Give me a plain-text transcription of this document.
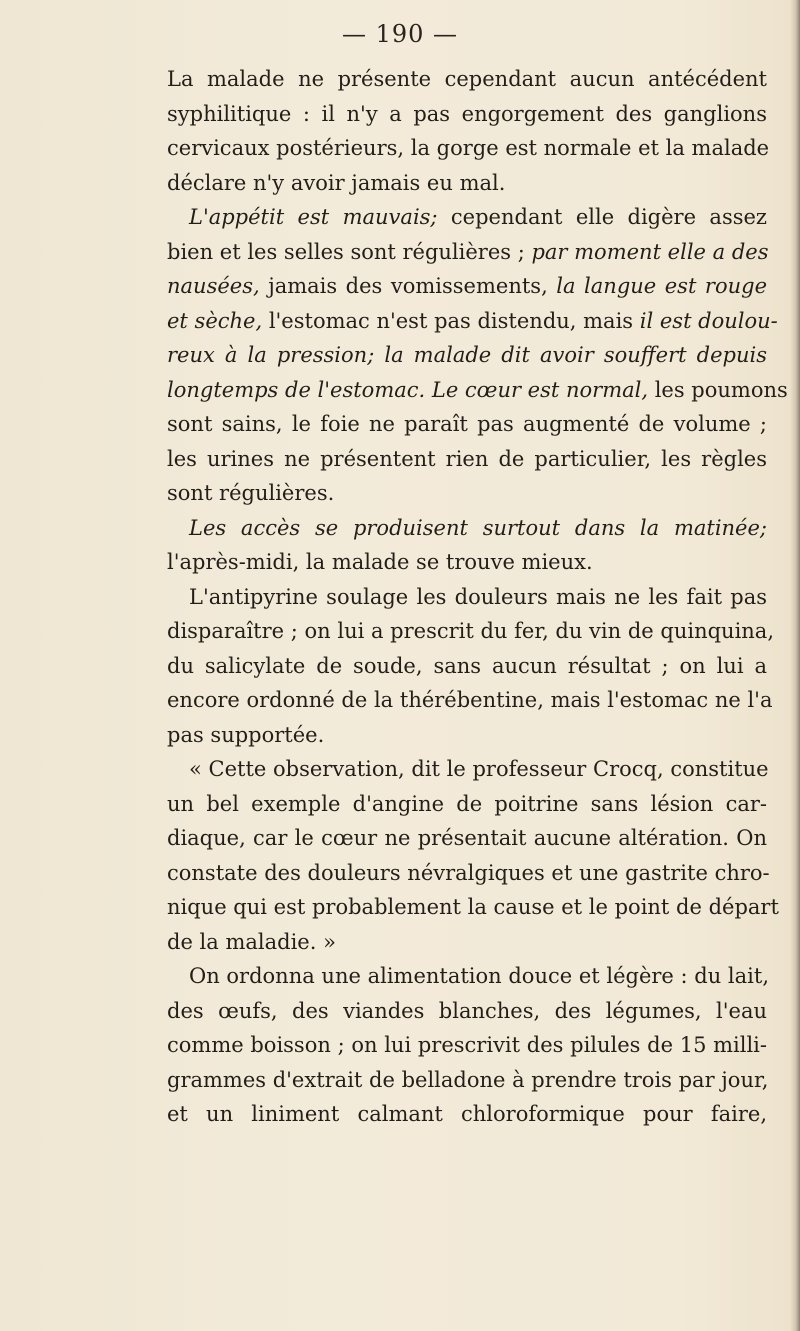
— 190 —
La malade ne présente cependant aucun antécédent
syphilitique : il n'y a pas engorgement des ganglions
cervicaux postérieurs, la gorge est normale et la malade
déclare n'y avoir jamais eu mal.
L'appétit est mauvais; cependant elle digère assez
bien et les selles sont régulières ; par moment elle a des
nausées, jamais des vomissements, la langue est rouge
et sèche, l'estomac n'est pas distendu, mais il est doulou-
reux à la pression; la malade dit avoir souffert depuis
longtemps de l'estomac. Le cœur est normal, les poumons
sont sains, le foie ne paraît pas augmenté de volume ;
les urines ne présentent rien de particulier, les règles
sont régulières.
Les accès se produisent surtout dans la matinée;
l'après-midi, la malade se trouve mieux.
L'antipyrine soulage les douleurs mais ne les fait pas
disparaître ; on lui a prescrit du fer, du vin de quinquina,
du salicylate de soude, sans aucun résultat ; on lui a
encore ordonné de la thérébentine, mais l'estomac ne l'a
pas supportée.
« Cette observation, dit le professeur Crocq, constitue
un bel exemple d'angine de poitrine sans lésion car-
diaque, car le cœur ne présentait aucune altération. On
constate des douleurs névralgiques et une gastrite chro-
nique qui est probablement la cause et le point de départ
de la maladie. »
On ordonna une alimentation douce et légère : du lait,
des œufs, des viandes blanches, des légumes, l'eau
comme boisson ; on lui prescrivit des pilules de 15 milli-
grammes d'extrait de belladone à prendre trois par jour,
et un liniment calmant chloroformique pour faire,
